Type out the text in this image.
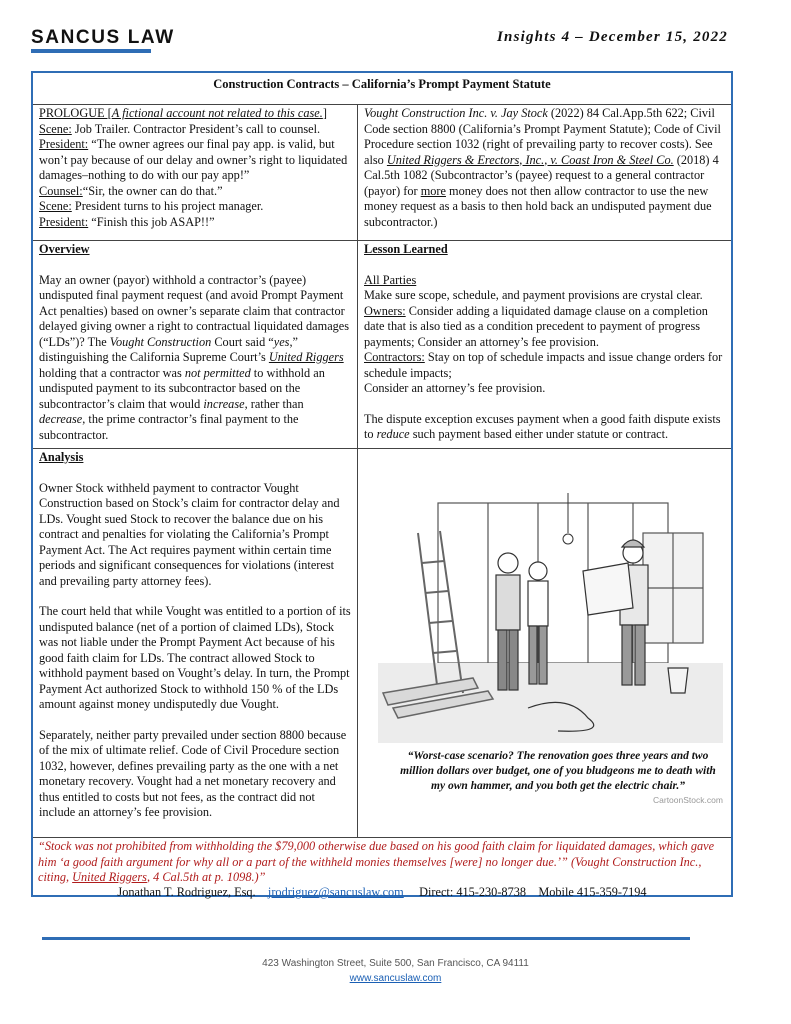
SANCUS LAW	Insights 4 – December 15, 2022
Construction Contracts – California’s Prompt Payment Statute

PROLOGUE [A fictional account not related to this case.]

Scene: Job Trailer. Contractor President’s call to counsel.

President: “The owner agrees our final pay app. is valid, but won’t pay because of our delay and owner’s right to liquidated damages–nothing to do with our pay app!”

Counsel:“Sir, the owner can do that.”

Scene: President turns to his project manager.

President: “Finish this job ASAP!!”

Vought Construction Inc. v. Jay Stock (2022) 84 Cal.App.5th 622; Civil Code section 8800 (California’s Prompt Payment Statute); Code of Civil Procedure section 1032 (right of prevailing party to recover costs). See also United Riggers & Erectors, Inc., v. Coast Iron & Steel Co. (2018) 4 Cal.5th 1082 (Subcontractor’s (payee) request to a general contractor (payor) for more money does not then allow contractor to use the new money request as a basis to then hold back an undisputed payment due subcontractor.)

Overview

May an owner (payor) withhold a contractor’s (payee) undisputed final payment request (and avoid Prompt Payment Act penalties) based on owner’s separate claim that contractor delayed giving owner a right to contractual liquidated damages (“LDs”)? The Vought Construction Court said “yes,” distinguishing the California Supreme Court’s United Riggers holding that a contractor was not permitted to withhold an undisputed payment to its subcontractor based on the subcontractor’s claim that would increase, rather than decrease, the prime contractor’s final payment to the subcontractor.

Lesson Learned

All Parties

Make sure scope, schedule, and payment provisions are crystal clear.

Owners: Consider adding a liquidated damage clause on a completion date that is also tied as a condition precedent to payment of progress payments; Consider an attorney’s fee provision.

Contractors: Stay on top of schedule impacts and issue change orders for schedule impacts;

Consider an attorney’s fee provision.

The dispute exception excuses payment when a good faith dispute exists to reduce such payment based either under statute or contract.

Analysis

Owner Stock withheld payment to contractor Vought Construction based on Stock’s claim for contractor delay and LDs. Vought sued Stock to recover the balance due on his contract and penalties for violating the California’s Prompt Payment Act. The Act requires payment within certain time periods and significant consequences for violations (interest and prevailing party attorney fees).

The court held that while Vought was entitled to a portion of its undisputed balance (net of a portion of claimed LDs), Stock was not liable under the Prompt Payment Act because of his good faith claim for LDs. The contract allowed Stock to withhold payment based on Vought’s delay. In turn, the Prompt Payment Act authorized Stock to withhold 150 % of the LDs amount against money undisputedly due Vought.

Separately, neither party prevailed under section 8800 because of the mix of ultimate relief. Code of Civil Procedure section 1032, however, defines prevailing party as the one with a net monetary recovery. Vought had a net monetary recovery and thus entitled to costs but not fees, as the contract did not include an attorney’s fee provision.

“Worst-case scenario? The renovation goes three years and two million dollars over budget, one of you bludgeons me to death with my own hammer, and you both get the electric chair.”
CartoonStock.com
“Stock was not prohibited from withholding the $79,000 otherwise due based on his good faith claim for liquidated damages, which gave him ‘a good faith argument for why all or a part of the withheld monies themselves [were] no longer due.’” (Vought Construction Inc., citing, United Riggers, 4 Cal.5th at p. 1098.)”
Jonathan T. Rodriguez, Esq. jrodriguez@sancuslaw.com Direct: 415-230-8738 Mobile 415-359-7194
423 Washington Street, Suite 500, San Francisco, CA 94111
www.sancuslaw.com
